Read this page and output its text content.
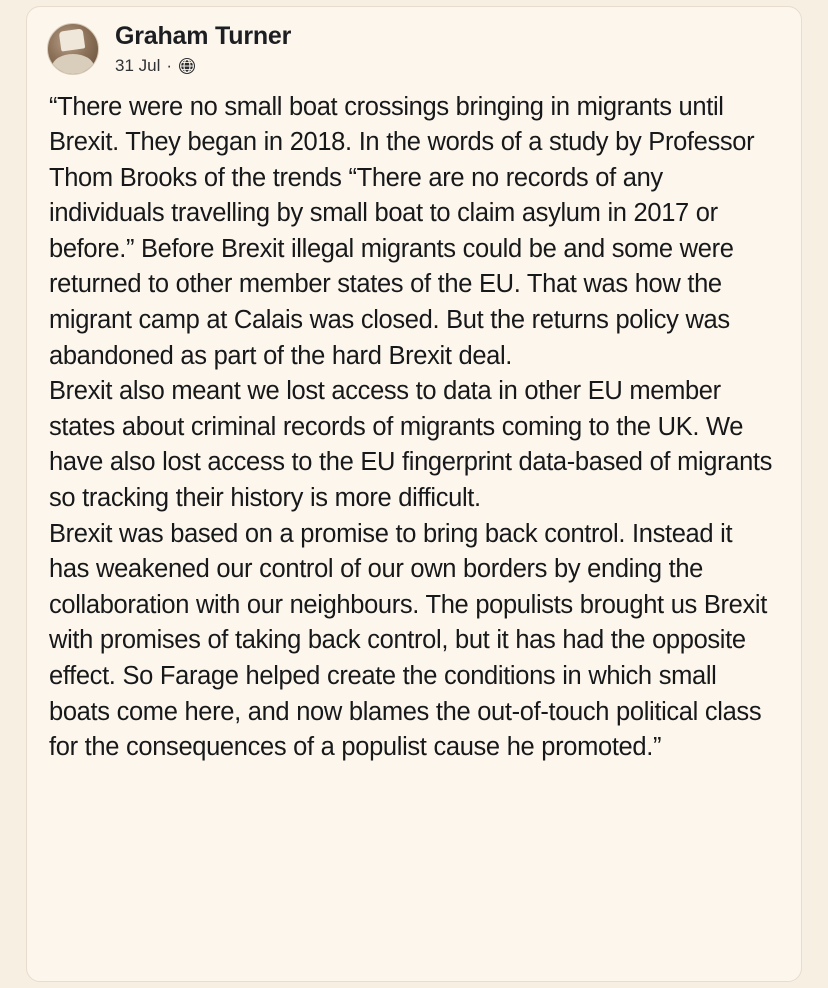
Graham Turner
31 Jul ·

“There were no small boat crossings bringing in migrants until Brexit. They began in 2018. In the words of a study by Professor Thom Brooks of the trends “There are no records of any individuals travelling by small boat to claim asylum in 2017 or before.” Before Brexit illegal migrants could be and some were returned to other member states of the EU. That was how the migrant camp at Calais was closed. But the returns policy was abandoned as part of the hard Brexit deal.

Brexit also meant we lost access to data in other EU member states about criminal records of migrants coming to the UK. We have also lost access to the EU fingerprint data-based of migrants so tracking their history is more difficult.

Brexit was based on a promise to bring back control. Instead it has weakened our control of our own borders by ending the collaboration with our neighbours. The populists brought us Brexit with promises of taking back control, but it has had the opposite effect. So Farage helped create the conditions in which small boats come here, and now blames the out-of-touch political class for the consequences of a populist cause he promoted.”
